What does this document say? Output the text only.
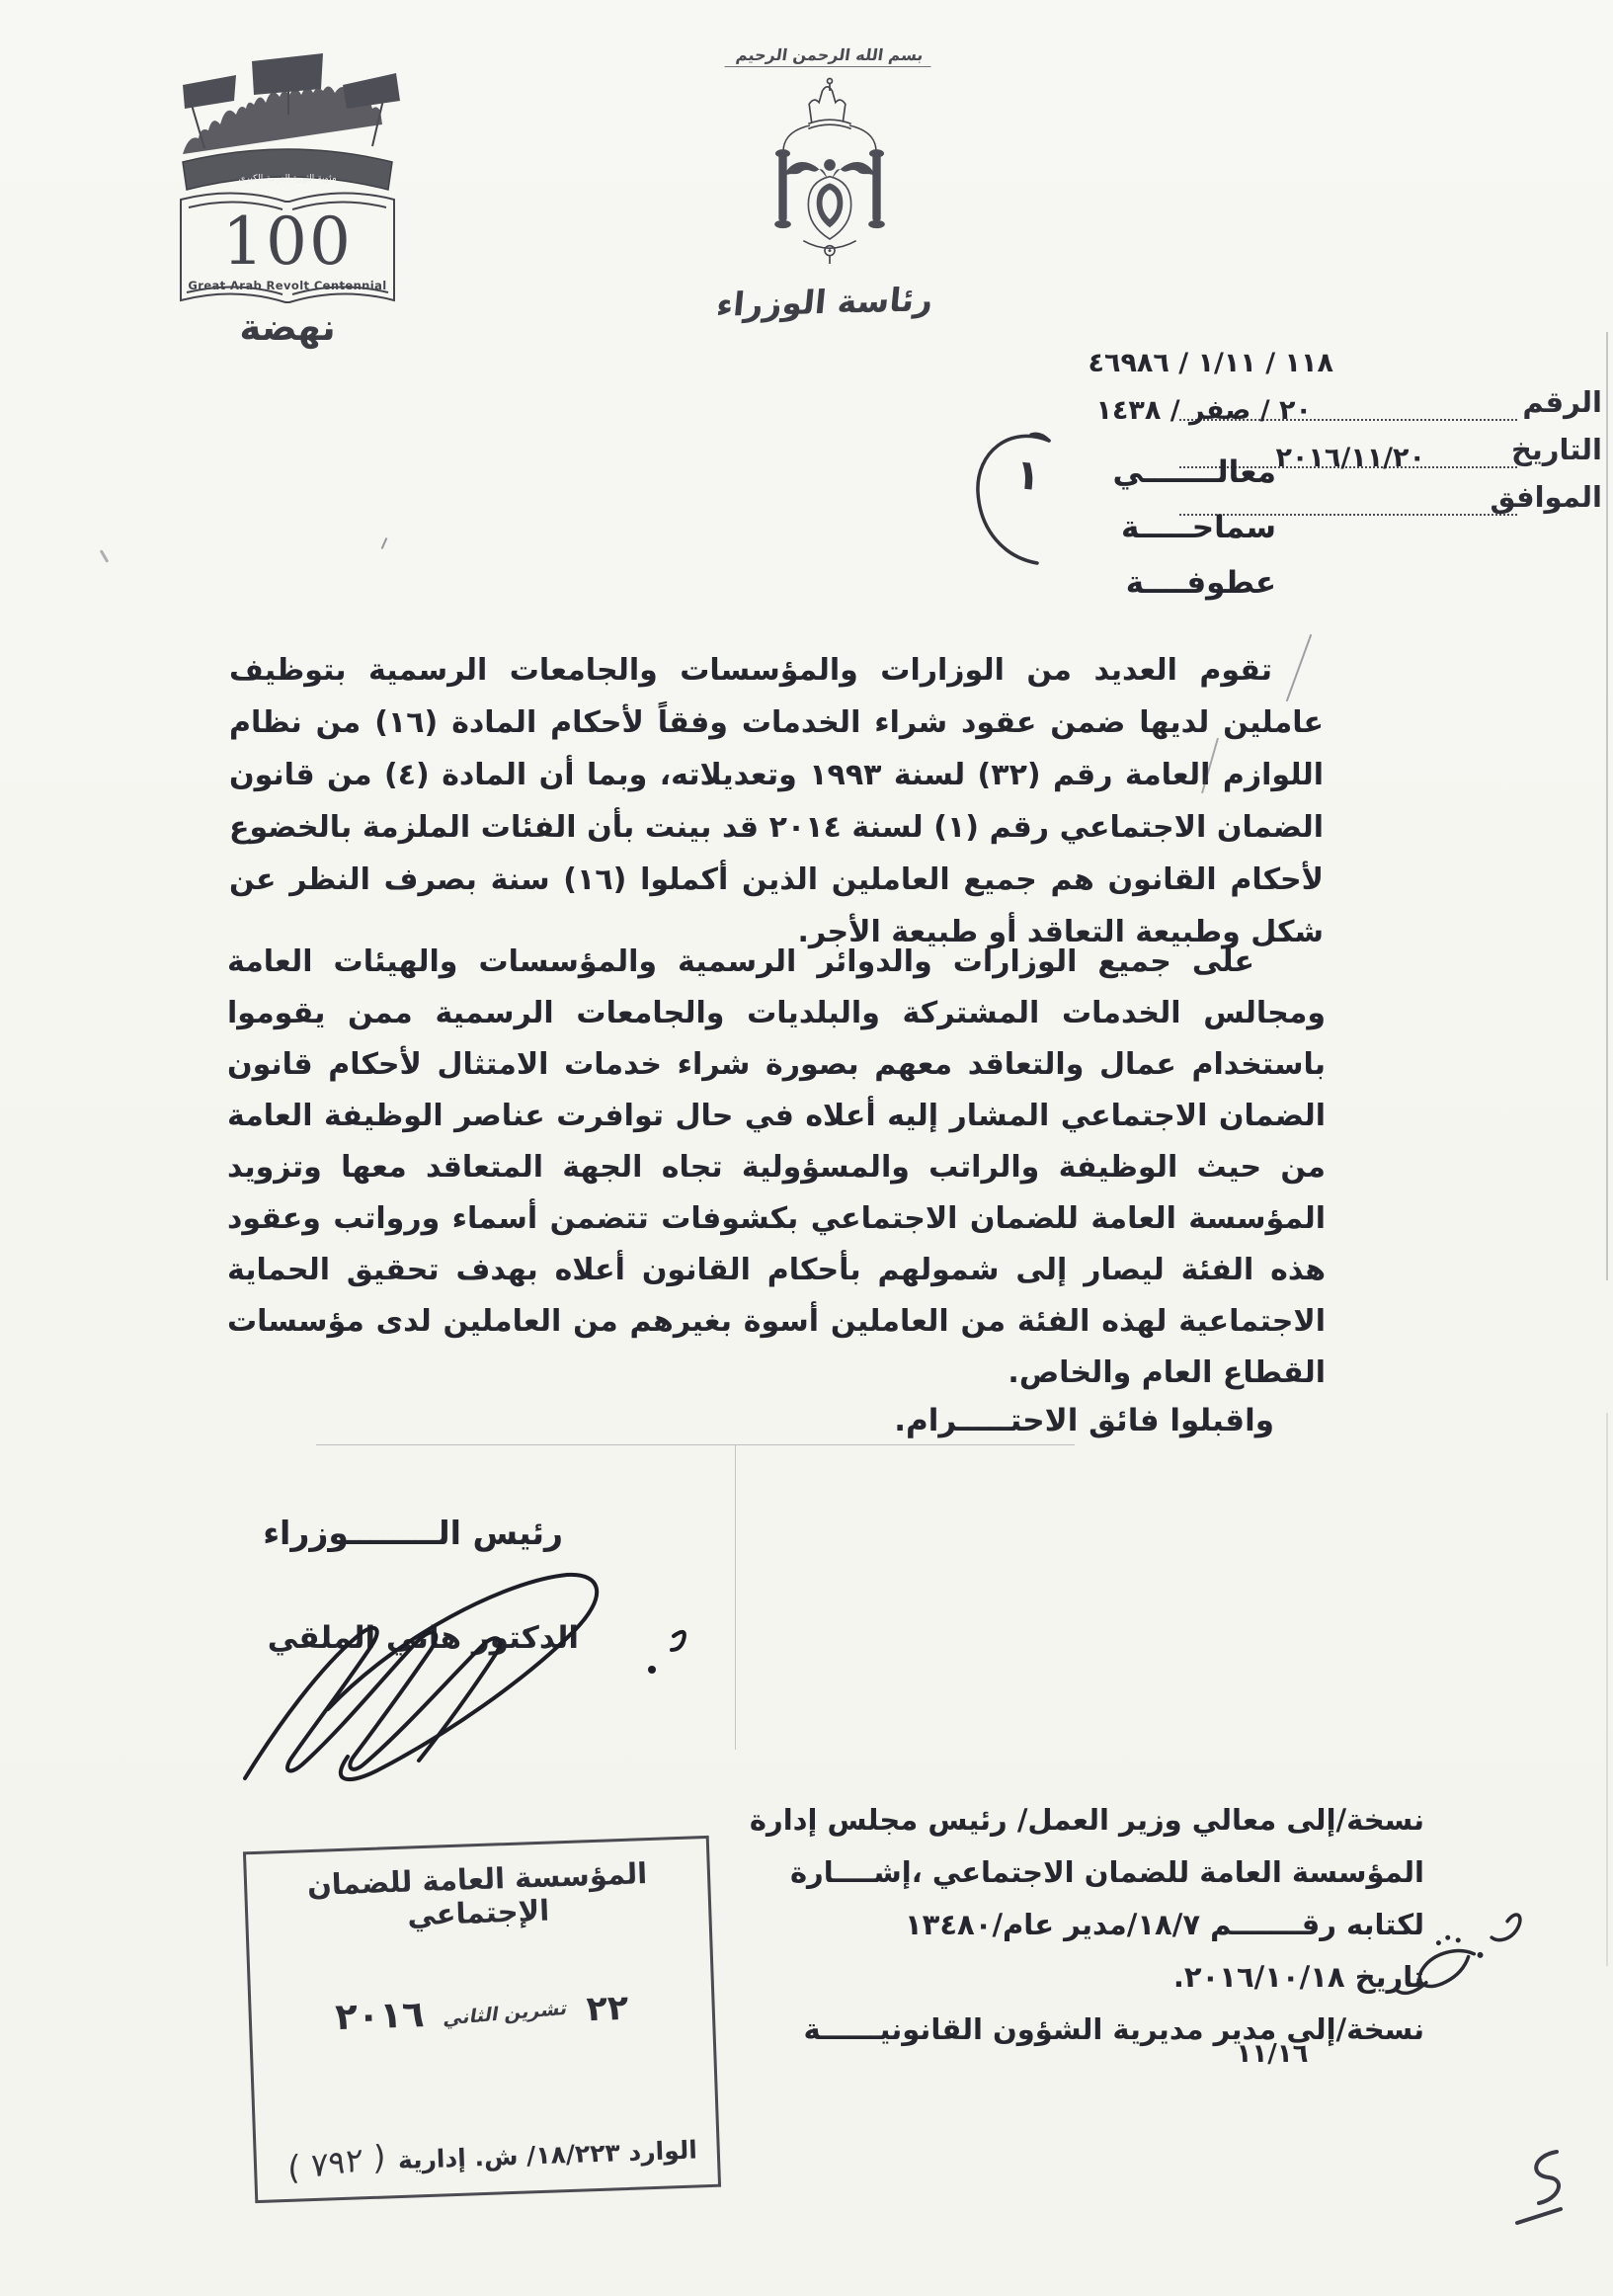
مئوية الثورة العربية الكبرى
100
Great Arab Revolt Centennial
نهضة
بسم الله الرحمن الرحيم
رئاسة الوزراء
١١٨ / ١/١١ / ٤٦٩٨٦
الرقم
٢٠ / صفر / ١٤٣٨
التاريخ
٢٠١٦/١١/٢٠
الموافق
معالـــــــي
سماحـــــة
عطوفــــة
١
تقوم العديد من الوزارات والمؤسسات والجامعات الرسمية بتوظيف عاملين لديها ضمن عقود شراء الخدمات وفقاً لأحكام المادة (١٦) من نظام اللوازم العامة رقم (٣٢) لسنة ١٩٩٣ وتعديلاته، وبما أن المادة (٤) من قانون الضمان الاجتماعي رقم (١) لسنة ٢٠١٤ قد بينت بأن الفئات الملزمة بالخضوع لأحكام القانون هم جميع العاملين الذين أكملوا (١٦) سنة بصرف النظر عن شكل وطبيعة التعاقد أو طبيعة الأجر.
على جميع الوزارات والدوائر الرسمية والمؤسسات والهيئات العامة ومجالس الخدمات المشتركة والبلديات والجامعات الرسمية ممن يقوموا باستخدام عمال والتعاقد معهم بصورة شراء خدمات الامتثال لأحكام قانون الضمان الاجتماعي المشار إليه أعلاه في حال توافرت عناصر الوظيفة العامة من حيث الوظيفة والراتب والمسؤولية تجاه الجهة المتعاقد معها وتزويد المؤسسة العامة للضمان الاجتماعي بكشوفات تتضمن أسماء ورواتب وعقود هذه الفئة ليصار إلى شمولهم بأحكام القانون أعلاه بهدف تحقيق الحماية الاجتماعية لهذه الفئة من العاملين أسوة بغيرهم من العاملين لدى مؤسسات القطاع العام والخاص.
واقبلوا فائق الاحتـــــرام.
رئيس الــــــــوزراء
الدكتور هاني الملقي
المؤسسة العامة للضمان الإجتماعي
٢٢
تشرين الثاني
٢٠١٦
الوارد ١٨/٢٢٣/ ش. إدارية
( ٧٩٢ )
نسخة/إلى معالي وزير العمل/ رئيس مجلس إدارة
المؤسسة العامة للضمان الاجتماعي ،إشــــارة
لكتابه رقـــــــم ١٨/٧/مدير عام/١٣٤٨٠
تاريخ ٢٠١٦/١٠/١٨.
نسخة/إلى مدير مديرية الشؤون القانونيــــــة
١١/١٦
